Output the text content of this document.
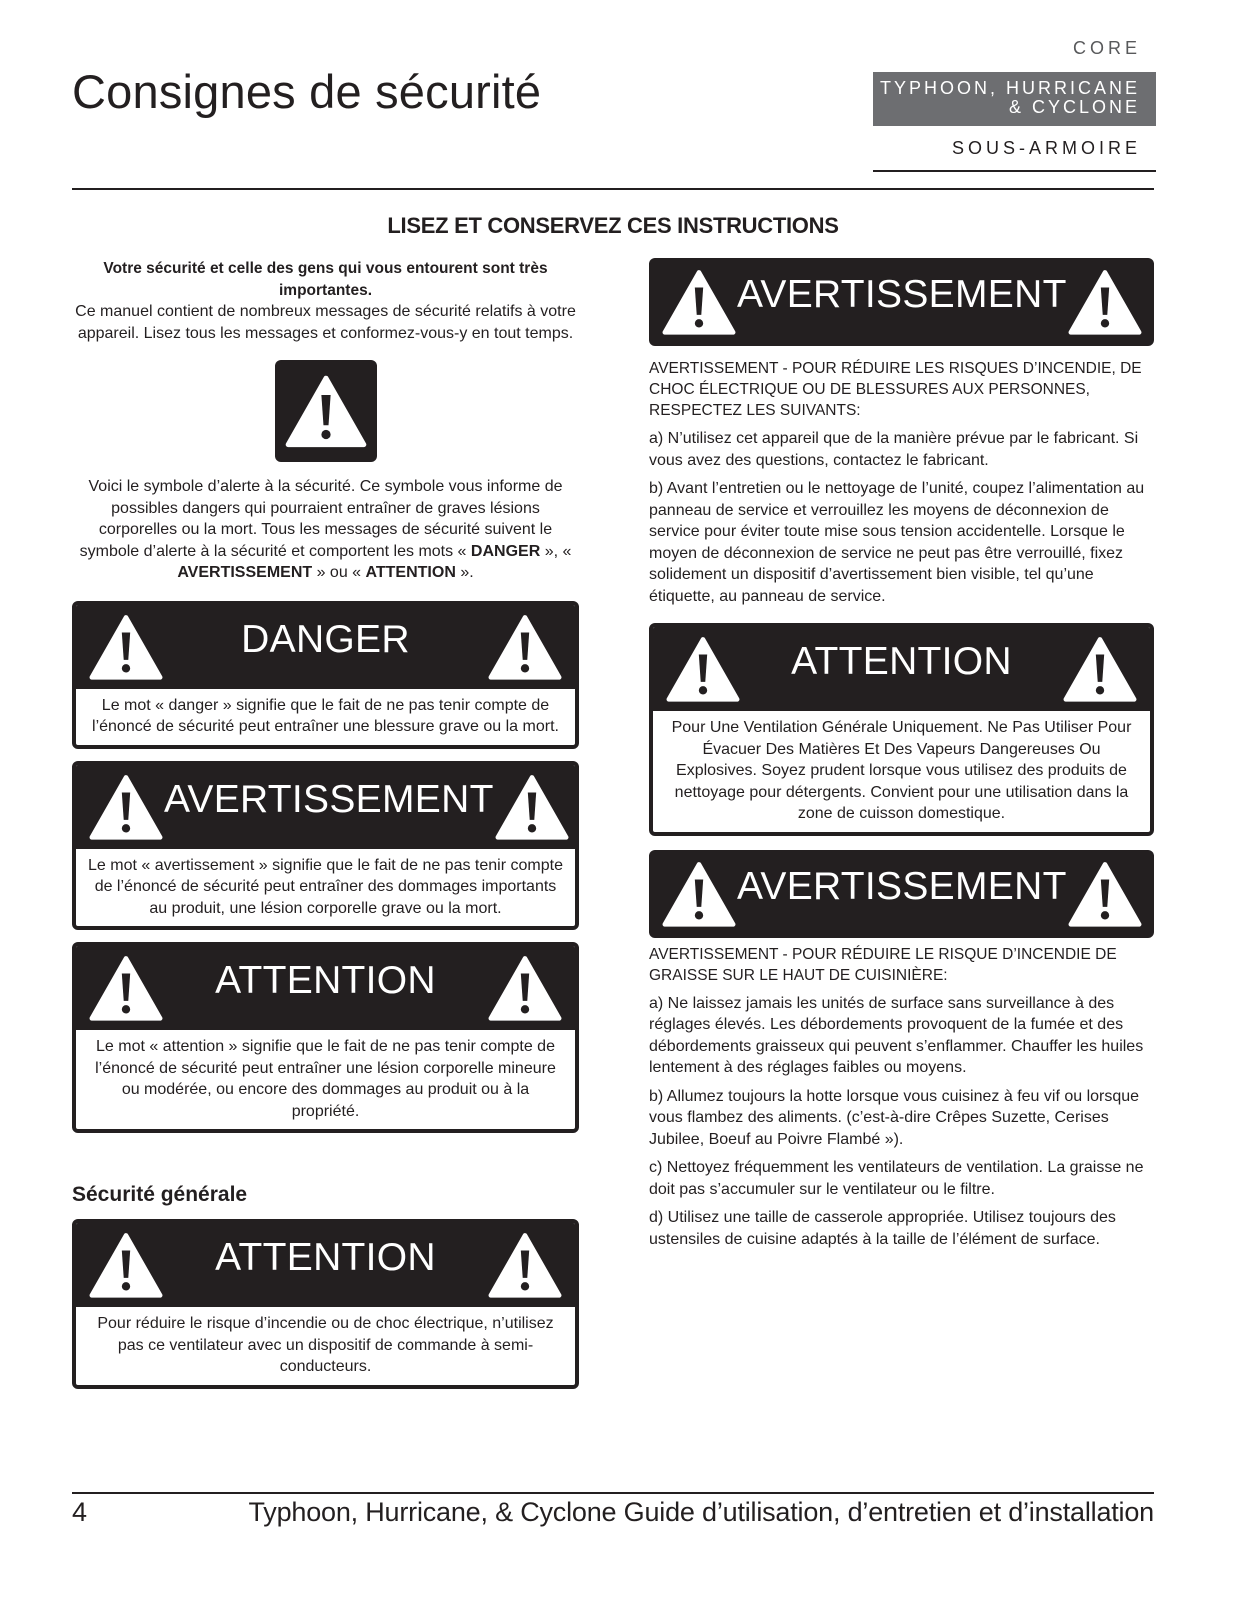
Consignes de sécurité
CORE
TYPHOON, HURRICANE
& CYCLONE
SOUS-ARMOIRE
LISEZ ET CONSERVEZ CES INSTRUCTIONS
Votre sécurité et celle des gens qui vous entourent sont très importantes.
Ce manuel contient de nombreux messages de sécurité relatifs à votre appareil. Lisez tous les messages et conformez-vous-y en tout temps.
Voici le symbole d’alerte à la sécurité. Ce symbole vous informe de possibles dangers qui pourraient entraîner de graves lésions corporelles ou la mort. Tous les messages de sécurité suivent le symbole d’alerte à la sécurité et comportent les mots « DANGER », « AVERTISSEMENT » ou « ATTENTION ».
DANGER
Le mot « danger » signifie que le fait de ne pas tenir compte de l’énoncé de sécurité peut entraîner une blessure grave ou la mort.
AVERTISSEMENT
Le mot « avertissement » signifie que le fait de ne pas tenir compte de l’énoncé de sécurité peut entraîner des dommages importants au produit, une lésion corporelle grave ou la mort.
ATTENTION
Le mot « attention » signifie que le fait de ne pas tenir compte de l’énoncé de sécurité peut entraîner une lésion corporelle mineure ou modérée, ou encore des dommages au produit ou à la propriété.
Sécurité générale
ATTENTION
Pour réduire le risque d’incendie ou de choc électrique, n’utilisez pas ce ventilateur avec un dispositif de commande à semi-conducteurs.
AVERTISSEMENT
AVERTISSEMENT - POUR RÉDUIRE LES RISQUES D’INCENDIE, DE CHOC ÉLECTRIQUE OU DE BLESSURES AUX PERSONNES, RESPECTEZ LES SUIVANTS:
a) N’utilisez cet appareil que de la manière prévue par le fabricant. Si vous avez des questions, contactez le fabricant.
b) Avant l’entretien ou le nettoyage de l’unité, coupez l’alimentation au panneau de service et verrouillez les moyens de déconnexion de service pour éviter toute mise sous tension accidentelle. Lorsque le moyen de déconnexion de service ne peut pas être verrouillé, fixez solidement un dispositif d’avertissement bien visible, tel qu’une étiquette, au panneau de service.
ATTENTION
Pour Une Ventilation Générale Uniquement. Ne Pas Utiliser Pour Évacuer Des Matières Et Des Vapeurs Dangereuses Ou Explosives. Soyez prudent lorsque vous utilisez des produits de nettoyage pour détergents. Convient pour une utilisation dans la zone de cuisson domestique.
AVERTISSEMENT
AVERTISSEMENT - POUR RÉDUIRE LE RISQUE D’INCENDIE DE GRAISSE SUR LE HAUT DE CUISINIÈRE:
a) Ne laissez jamais les unités de surface sans surveillance à des réglages élevés. Les débordements provoquent de la fumée et des débordements graisseux qui peuvent s’enflammer. Chauffer les huiles lentement à des réglages faibles ou moyens.
b) Allumez toujours la hotte lorsque vous cuisinez à feu vif ou lorsque vous flambez des aliments. (c’est-à-dire Crêpes Suzette, Cerises Jubilee, Boeuf au Poivre Flambé »).
c) Nettoyez fréquemment les ventilateurs de ventilation. La graisse ne doit pas s’accumuler sur le ventilateur ou le filtre.
d) Utilisez une taille de casserole appropriée. Utilisez toujours des ustensiles de cuisine adaptés à la taille de l’élément de surface.
4	Typhoon, Hurricane, & Cyclone Guide d’utilisation, d’entretien et d’installation
